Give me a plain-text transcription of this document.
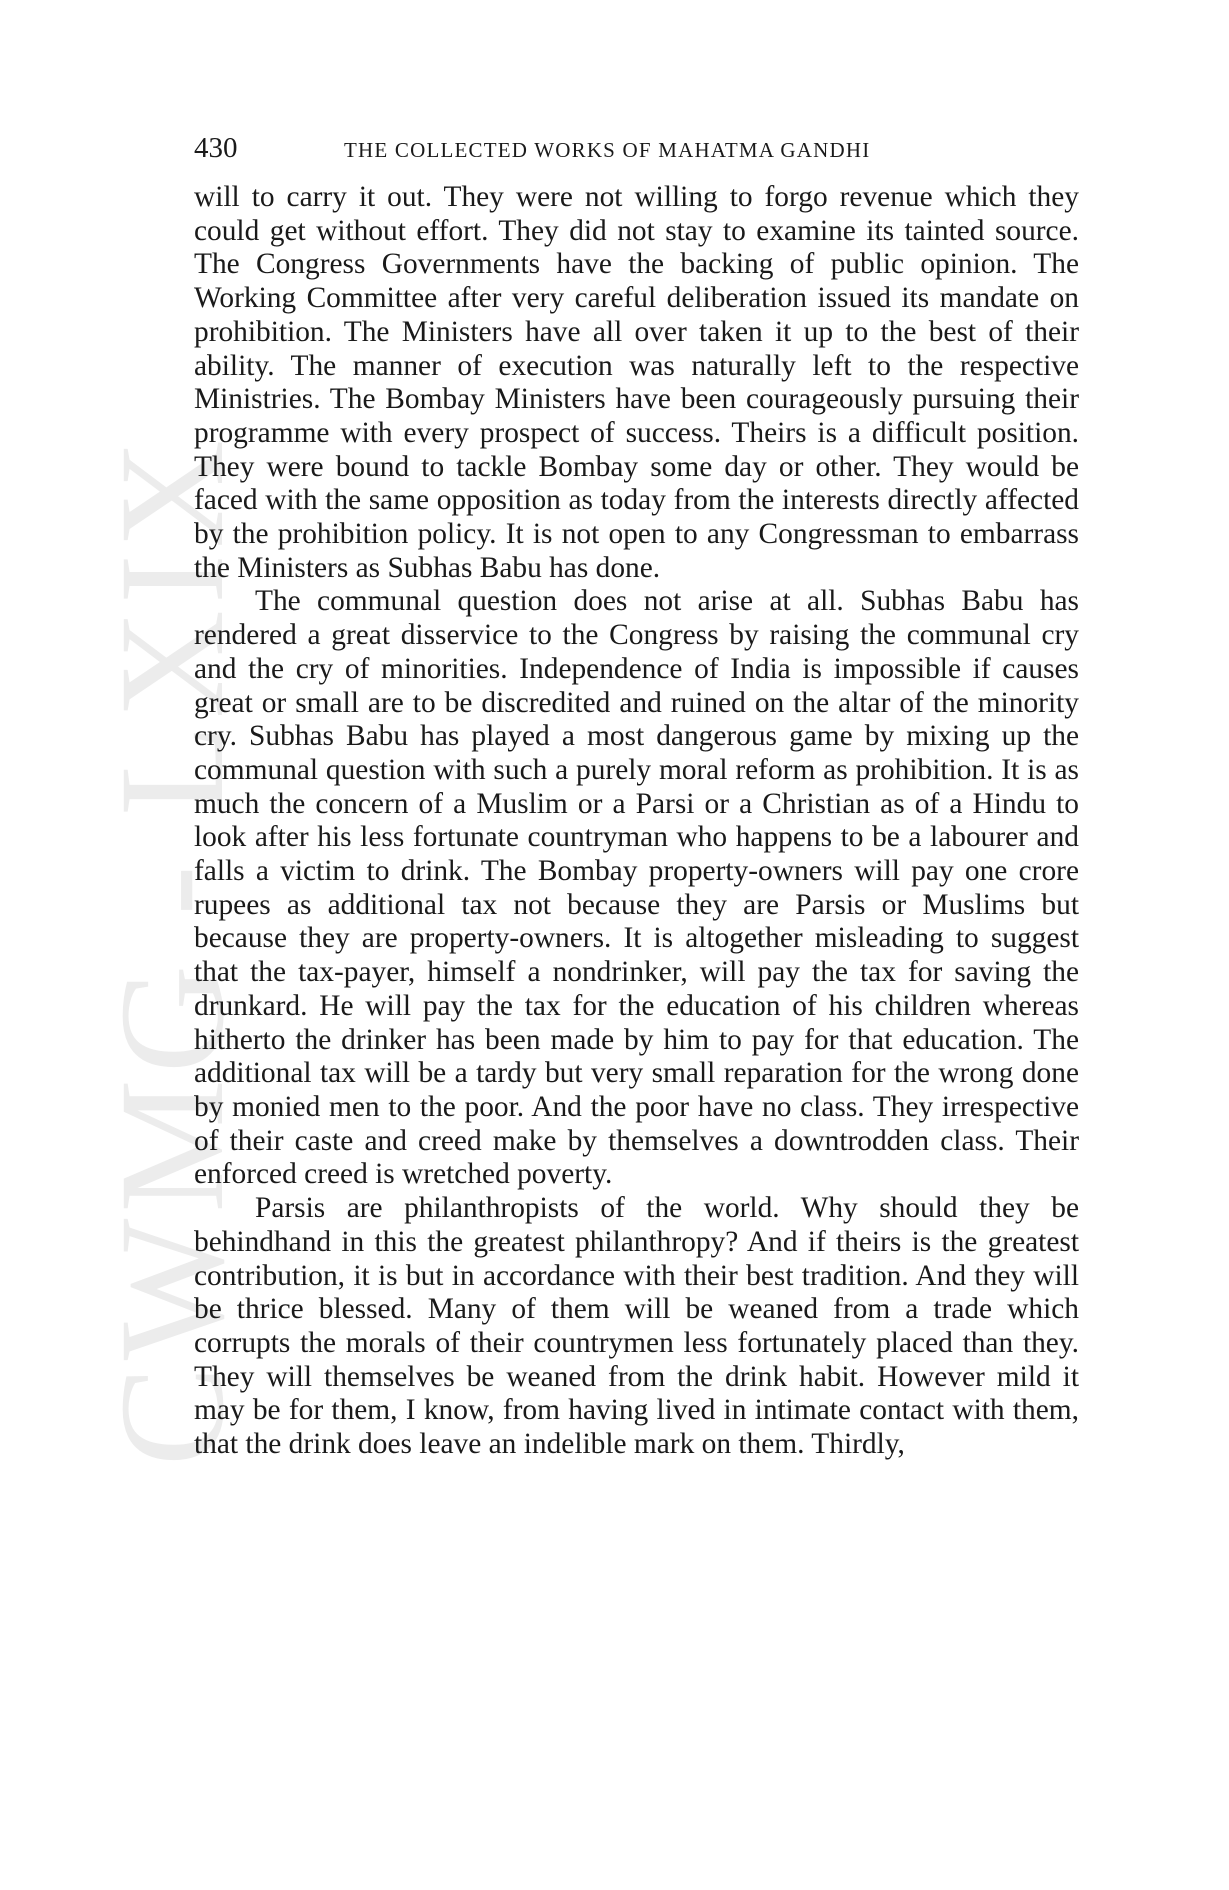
CWMG - LXIX
430	THE COLLECTED WORKS OF MAHATMA GANDHI

will to carry it out. They were not willing to forgo revenue which they could get without effort. They did not stay to examine its tainted source. The Congress Governments have the backing of public opinion. The Working Committee after very careful deliberation issued its mandate on prohibition. The Ministers have all over taken it up to the best of their ability. The manner of execution was naturally left to the respective Ministries. The Bombay Ministers have been courageously pursuing their programme with every prospect of success. Theirs is a difficult position. They were bound to tackle Bombay some day or other. They would be faced with the same opposition as today from the interests directly affected by the prohibition policy. It is not open to any Congressman to embarrass the Ministers as Subhas Babu has done.

The communal question does not arise at all. Subhas Babu has rendered a great disservice to the Congress by raising the communal cry and the cry of minorities. Independence of India is impossible if causes great or small are to be discredited and ruined on the altar of the minority cry. Subhas Babu has played a most dangerous game by mixing up the communal question with such a purely moral reform as prohibition. It is as much the concern of a Muslim or a Parsi or a Christian as of a Hindu to look after his less fortunate countryman who happens to be a labourer and falls a victim to drink. The Bombay property-owners will pay one crore rupees as additional tax not because they are Parsis or Muslims but because they are property-owners. It is altogether misleading to suggest that the tax-payer, himself a nondrinker, will pay the tax for saving the drunkard. He will pay the tax for the education of his children whereas hitherto the drinker has been made by him to pay for that education. The additional tax will be a tardy but very small reparation for the wrong done by monied men to the poor. And the poor have no class. They irrespective of their caste and creed make by themselves a downtrodden class. Their enforced creed is wretched poverty.

Parsis are philanthropists of the world. Why should they be behindhand in this the greatest philanthropy? And if theirs is the greatest contribution, it is but in accordance with their best tradition. And they will be thrice blessed. Many of them will be weaned from a trade which corrupts the morals of their countrymen less fortunately placed than they. They will themselves be weaned from the drink habit. However mild it may be for them, I know, from having lived in intimate contact with them, that the drink does leave an indelible mark on them. Thirdly,
